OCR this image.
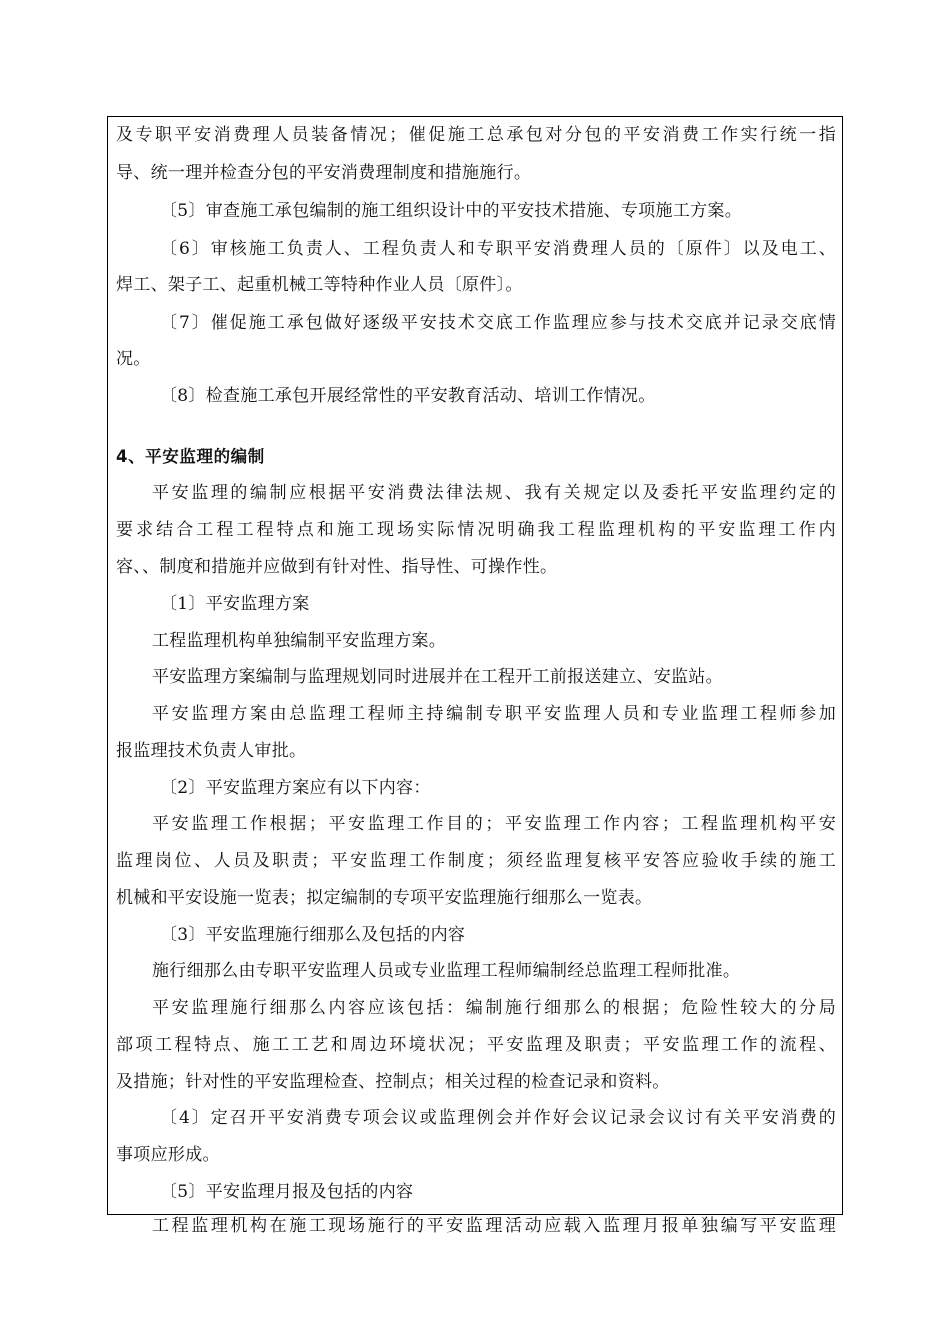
及专职平安消费理人员装备情况；催促施工总承包对分包的平安消费工作实行统一指
导、统一理并检查分包的平安消费理制度和措施施行。
〔5〕审查施工承包编制的施工组织设计中的平安技术措施、专项施工方案。
〔6〕审核施工负责人、工程负责人和专职平安消费理人员的〔原件〕以及电工、
焊工、架子工、起重机械工等特种作业人员〔原件〕。
〔7〕催促施工承包做好逐级平安技术交底工作监理应参与技术交底并记录交底情
况。
〔8〕检查施工承包开展经常性的平安教育活动、培训工作情况。
4、平安监理的编制
平安监理的编制应根据平安消费法律法规、我有关规定以及委托平安监理约定的
要求结合工程工程特点和施工现场实际情况明确我工程监理机构的平安监理工作内
容、、制度和措施并应做到有针对性、指导性、可操作性。
〔1〕平安监理方案
工程监理机构单独编制平安监理方案。
平安监理方案编制与监理规划同时进展并在工程开工前报送建立、安监站。
平安监理方案由总监理工程师主持编制专职平安监理人员和专业监理工程师参加
报监理技术负责人审批。
〔2〕平安监理方案应有以下内容：
平安监理工作根据；平安监理工作目的；平安监理工作内容；工程监理机构平安
监理岗位、人员及职责；平安监理工作制度；须经监理复核平安答应验收手续的施工
机械和平安设施一览表；拟定编制的专项平安监理施行细那么一览表。
〔3〕平安监理施行细那么及包括的内容
施行细那么由专职平安监理人员或专业监理工程师编制经总监理工程师批准。
平安监理施行细那么内容应该包括：编制施行细那么的根据；危险性较大的分局
部项工程特点、施工工艺和周边环境状况；平安监理及职责；平安监理工作的流程、
及措施；针对性的平安监理检查、控制点；相关过程的检查记录和资料。
〔4〕定召开平安消费专项会议或监理例会并作好会议记录会议讨有关平安消费的
事项应形成。
〔5〕平安监理月报及包括的内容
工程监理机构在施工现场施行的平安监理活动应载入监理月报单独编写平安监理
